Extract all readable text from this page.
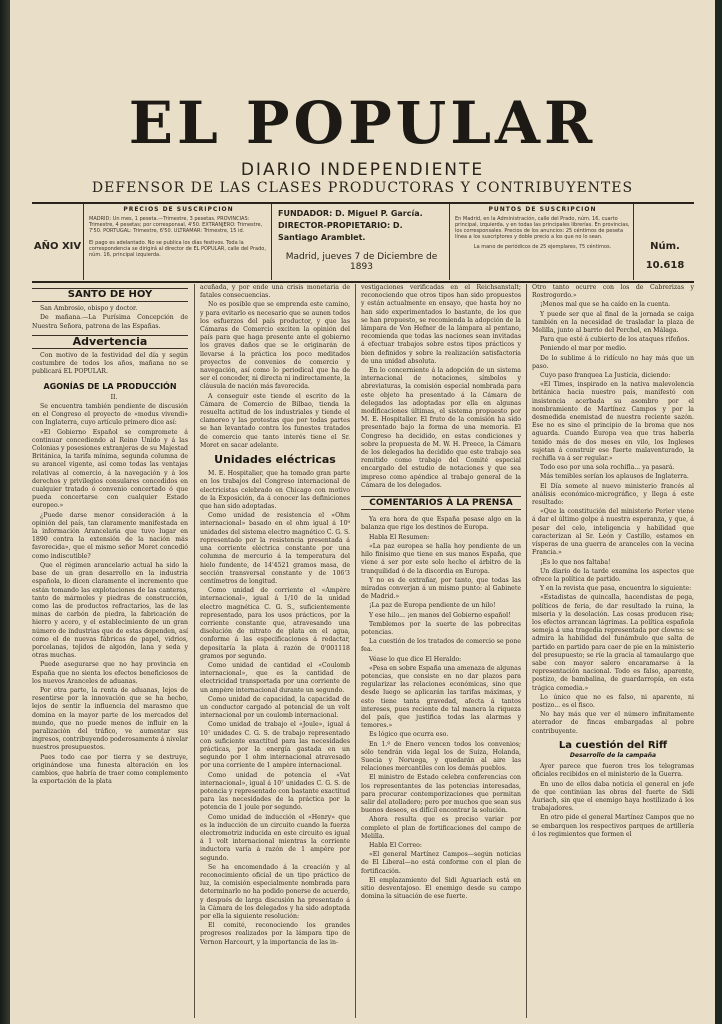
EL POPULAR
DIARIO INDEPENDIENTE
DEFENSOR DE LAS CLASES PRODUCTORAS Y CONTRIBUYENTES
AÑO XIV
PRECIOS DE SUSCRIPCION
MADRID: Un mes, 1 peseta.—Trimestre, 3 pesetas. PROVINCIAS: Trimestre, 4 pesetas; por corresponsal, 4'50. EXTRANJERO: Trimestre, 7'50. PORTUGAL: Trimestre, 6'50. ULTRAMAR: Trimestre, 15 id.
El pago es adelantado. No se publica los días festivos. Toda la correspondencia se dirigirá al director de EL POPULAR, calle del Prado, núm. 16, principal izquierda.
FUNDADOR: D. Miguel P. García.
DIRECTOR-PROPIETARIO: D. Santiago Aramblet.
Madrid, jueves 7 de Diciembre de 1893
PUNTOS DE SUSCRIPCION
En Madrid, en la Administración, calle del Prado, núm. 16, cuarto principal, izquierda, y en todas las principales librerías. En provincias, los corresponsales. Precios de los anuncios: 25 céntimos de peseta línea a los suscriptores y doble precio a los que no lo sean.
La mano de periódicos de 25 ejemplares, 75 céntimos.	Núm. 10.618
SANTO DE HOY

San Ambrosio, obispo y doctor.

De mañana.—La Purísima Concepción de Nuestra Señora, patrona de las Españas.

Advertencia

Con motivo de la festividad del día y según costumbre de todos los años, mañana no se publicará EL POPULAR.

AGONÍAS DE LA PRODUCCIÓN

II.

Se encuentra también pendiente de discusión en el Congreso el proyecto de «modus vivendi» con Inglaterra, cuyo artículo primero dice así:

«El Gobierno Español se compromete á continuar concediendo al Reino Unido y á las Colonias y posesiones extranjeras de su Majestad Británica, la tarifa mínima, segunda columna de su arancel vigente, así como todas las ventajas relativas al comercio, á la navegación y á los derechos y privilegios consulares concedidos en cualquier tratado ó convenio concertado ó que pueda concertarse con cualquier Estado europeo.»

¿Puede darse menor consideración á la opinión del país, tan claramente manifestada en la información Arancelaria que tuvo lugar en 1890 contra la extensión de la nación más favorecida», que el mismo señor Moret concedió como indiscutible?

Que el régimen arancelario actual ha sido la base de un gran desarrollo en la industria española, lo dicen claramente el incremento que están tomando las explotaciones de las canteras, tanto de mármoles y piedras de construcción, como las de productos refractarios, las de las minas de carbón de piedra, la fabricación de hierro y acero, y el establecimiento de un gran número de industrias que de estas dependen, así como el de nuevas fábricas de papel, vidrios, porcelanas, tejidos de algodón, lana y seda y otras muchas.

Puede asegurarse que no hay provincia en España que no sienta los efectos beneficiosos de los nuevos Aranceles de aduanas.

Por otra parte, la renta de aduanas, lejos de resentirse por la innovación que se ha hecho, lejos de sentir la influencia del marasmo que domina en la mayor parte de los mercados del mundo, que no puede menos de influir en la paralización del tráfico, ve aumentar sus ingresos, contribuyendo poderosamente á nivelar nuestros presupuestos.

Pues todo cae por tierra y se destruye, originándose una funesta alteración en los cambios, que habría de traer como complemento la exportación de la plata

acuñada, y por ende una crisis monetaria de fatales consecuencias.

No es posible que se emprenda este camino, y para evitarlo es necesario que se aunen todos los esfuerzos del país productor, y que las Cámaras de Comercio exciten la opinión del país para que haga presente ante el gobierno los graves daños que se le originarán de llevarse á la práctica los poco meditados proyectos de convenios de comercio y navegación, así como lo periodical que ha de ser el conceder, ni directa ni indirectamente, la cláusula de nación más favorecida.

A conseguir este tiende el escrito de la Cámara de Comercio de Bilbao, tienda la resuelta actitud de los industriales y tiende el clamoreo y las protestas que por todas partes se han levantado contra los funestos tratados de comercio que tanto interés tiene el Sr. Moret en sacar adelante.

Unidades eléctricas

M. E. Hospitalier, que ha tomado gran parte en los trabajos del Congreso internacional de electricistas celebrado en Chicago con motivo de la Exposición, da á conocer las definiciones que han sido adoptadas.

Como unidad de resistencia el «Ohm internacional» basado en el ohm igual á 10⁹ unidades del sistema electro magnético C. G. S. representado por la resistencia presentada á una corriente eléctrica constante por una columna de mercurio á la temperatura del hielo fundente, de 14'4521 gramos masa, de sección transversal constante y de 106'3 centímetros de longitud.

Como unidad de corriente el «Ampère internacional», igual á 1/10 de la unidad electro magnética C. G. S., suficientemente representado, para los usos prácticos, por la corriente constante que, atravesando una disolución de nitrato de plata en el agua, conforme á las especificaciones á redactar, depositaría la plata á razón de 0'001118 gramos por segundo.

Como unidad de cantidad el «Coulomb internacional», que es la cantidad de electricidad transportada por una corriente de un ampère internacional durante un segundo.

Como unidad de capacidad, la capacidad de un conductor cargado al potencial de un volt internacional por un coulomb internacional.

Como unidad de trabajo el «Joule», igual á 10⁷ unidades C. G. S. de trabajo representado con suficiente exactitud para las necesidades prácticas, por la energía gastada en un segundo por 1 ohm internacional atravesado por una corriente de 1 ampère internacional.

Como unidad de potencia el «Vat internacional», igual á 10⁷ unidades C. G. S. de potencia y representado con bastante exactitud para las necesidades de la práctica por la potencia de 1 joule por segundo.

Como unidad de inducción el «Henry» que es la inducción de un circuito cuando la fuerza electromotriz inducida en este circuito es igual á 1 volt internacional mientras la corriente inductora varía á razón de 1 ampère por segundo.

Se ha encomendado á la creación y al reconocimiento oficial de un tipo práctico de luz, la comisión especialmente nombrada para determinarlo no ha podido ponerse de acuerdo, y después de larga discusión ha presentado á la Cámara de los delegados y ha sido adoptada por ella la siguiente resolución:

El comité, reconociendo los grandes progresos realizados por la lámpara tipo de Vernon Harcourt, y la importancia de las in-

vestigaciones verificadas en el Reichsanstalt; reconociendo que otros tipos han sido propuestos y están actualmente en ensayo, que hasta hoy no han sido experimentados lo bastante, de los que se han propuesto, se recomienda la adopción de la lámpara de Von Hefner de la lámpara al pentano, recomienda que todas las naciones sean invitadas á efectuar trabajos sobre estos tipos prácticos y bien definidos y sobre la realización satisfactoria de una unidad absoluta.

En lo concerniente á la adopción de un sistema internacional de notaciones, símbolos y abreviaturas, la comisión especial nombrada para este objeto ha presentado á la Cámara de delegados las adoptadas por ella en algunas modificaciones últimas, el sistema propuesto por M. E. Hospitalier. El fruto de la comisión ha sido presentado bajo la forma de una memoria. El Congreso ha decidido, en estas condiciones y sobre la propuesta de M. W. H. Preece, la Cámara de los delegados ha decidido que este trabajo sea remitido como trabajo del Comité especial encargado del estudio de notaciones y que sea impreso como apéndice al trabajo general de la Cámara de los delegados.

COMENTARIOS Á LA PRENSA

Ya era hora de que España pesase algo en la balanza que rige los destinos de Europa.

Habla El Resumen:

«La paz europea se halla hoy pendiente de un hilo finísimo que tiene en sus manos España, que viene á ser por este solo hecho el árbitro de la tranquilidad ó de la discordia en Europa.

Y no es de extrañar, por tanto, que todas las miradas converjan á un mismo punto: al Gabinete de Madrid.»

¡La paz de Europa pendiente de un hilo!

Y ese hilo... ¡en manos del Gobierno español!

Temblemos por la suerte de las pobrecitas potencias.

La cuestión de los tratados de comercio se pone fea.

Véase lo que dice El Heraldo:

«Pesa en sobre España una amenaza de algunas potencias, que consiste en no dar plazos para regularizar las relaciones económicas, sino que desde luego se aplicarán las tarifas máximas, y esto tiene tanta gravedad, afecta á tantos intereses, pues reciente de tal manera la riqueza del país, que justifica todas las alarmas y temores.»

Es lógico que ocurra eso.

En 1.º de Enero vencen todos los convenios; sólo tendrán vida legal los de Suiza, Holanda, Suecia y Noruega, y quedarán al aire las relaciones mercantiles con los demás pueblos.

El ministro de Estado celebra conferencias con los representantes de las potencias interesadas, para procurar contemporizaciones que permitan salir del atolladero; pero por muchos que sean sus buenos deseos, es difícil encontrar la solución.

Ahora resulta que es preciso variar por completo el plan de fortificaciones del campo de Melilla.

Habla El Correo:

«El general Martínez Campos—según noticias de El Liberal—no está conforme con el plan de fortificación.

El emplazamiento del Sidi Aguariach está en sitio desventajoso. El enemigo desde su campo domina la situación de ese fuerte.

Otro tanto ocurre con los de Cabrerizas y Rostrogordo.»

¡Menos mal que se ha caído en la cuenta.

Y puede ser que al final de la jornada se caiga también en la necesidad de trasladar la plaza de Melilla, junto al barrio del Perchel, en Málaga.

Para que esté á cubierto de los ataques rifeños.

Poniendo el mar por medio.

De lo sublime á lo ridículo no hay más que un paso.

Cuyo paso franquea La Justicia, diciendo:

«El Times, inspirado en la nativa malevolencia británica hacia nuestro país, manifestó con insistencia acerbada su asombro por el nombramiento de Martínez Campos y por la desmedida enemistad de nuestra reciente sazón. Ese no es sino el principio de la broma que nos aguarda. Cuando Europa vea que tras haberla tenido más de dos meses en vilo, los Ingleses sujetan á construir ese fuerte malaventurado, la rechifla va á ser regular.»

Todo eso por una sola rochifla... ya pasará.

Más temibles serían los aplausos de Inglaterra.

El Día somete al nuevo ministerio francés al análisis económico-micrográfico, y llega á este resultado:

«Que la constitución del ministerio Perier viene á dar el último golpe á nuestra esperanza, y que, á pesar del celo, inteligencia y habilidad que caracterizan al Sr. León y Castillo, estamos en vísperas de una guerra de aranceles con la vecina Francia.»

¡Es lo que nos faltaba!

Un diario de la tarde examina los aspectos que ofrece la política de partido.

Y en la revista que pasa, encuentra lo siguiente:

«Estadistas de quincalla, hacendistas de pega, políticos de feria, de dar resultado la ruina, la miseria y la desolación. Las cosas producen risa; los efectos arrancan lágrimas. La política española semeja á una tragedia representada por clowns: se admira la habilidad del funámbulo que salta de partido en partido para caer de pie en la ministerio del presupuesto; se ríe la gracia al tamaulargo que sabe con mayor salero encaramarse á la representación nacional. Todo es falso, aparente, postizo, de bambalina, de guardarropía, en esta trágica comedia.»

Lo único que no es falso, ni aparente, ni postizo... es el fisco.

No hay más que ver el número infinitamente aterrador de fincas embargadas al pobre contribuyente.

La cuestión del Riff
Desarrollo de la campaña

Ayer parece que fueron tres los telegramas oficiales recibidos en el ministerio de la Guerra.

En uno de ellos daba noticia el general en jefe de que continúan las obras del fuerte de Sidi Auriach, sin que el enemigo haya hostilizado á los trabajadores.

En otro pide el general Martínez Campos que no se embarquen los respectivos parques de artillería é los regimientos que formen el
